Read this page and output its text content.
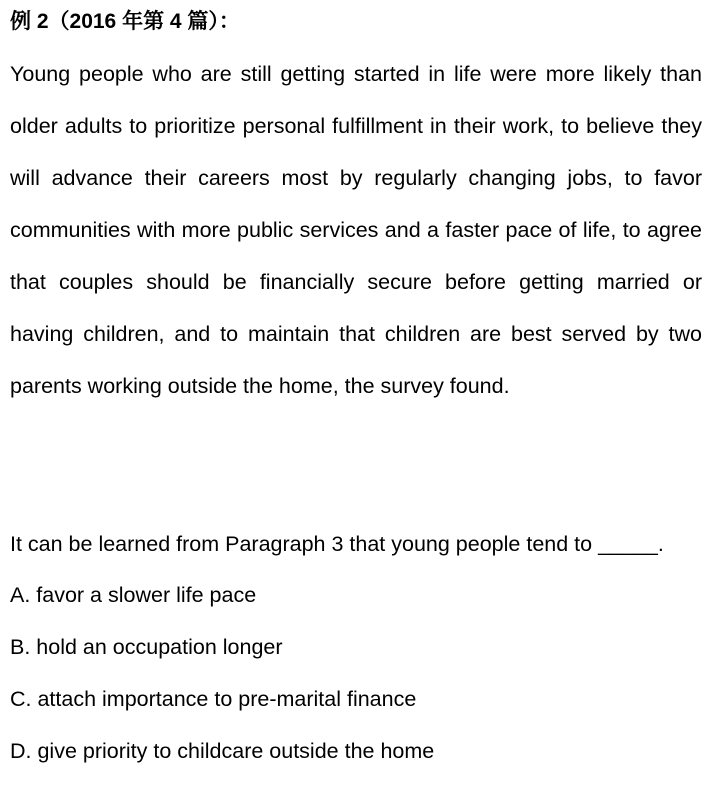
例 2（2016 年第 4 篇）：

Young people who are still getting started in life were more likely than older adults to prioritize personal fulfillment in their work, to believe they will advance their careers most by regularly changing jobs, to favor communities with more public services and a faster pace of life, to agree that couples should be financially secure before getting married or having children, and to maintain that children are best served by two parents working outside the home, the survey found.

It can be learned from Paragraph 3 that young people tend to _____.

A. favor a slower life pace
B. hold an occupation longer
C. attach importance to pre-marital finance
D. give priority to childcare outside the home
